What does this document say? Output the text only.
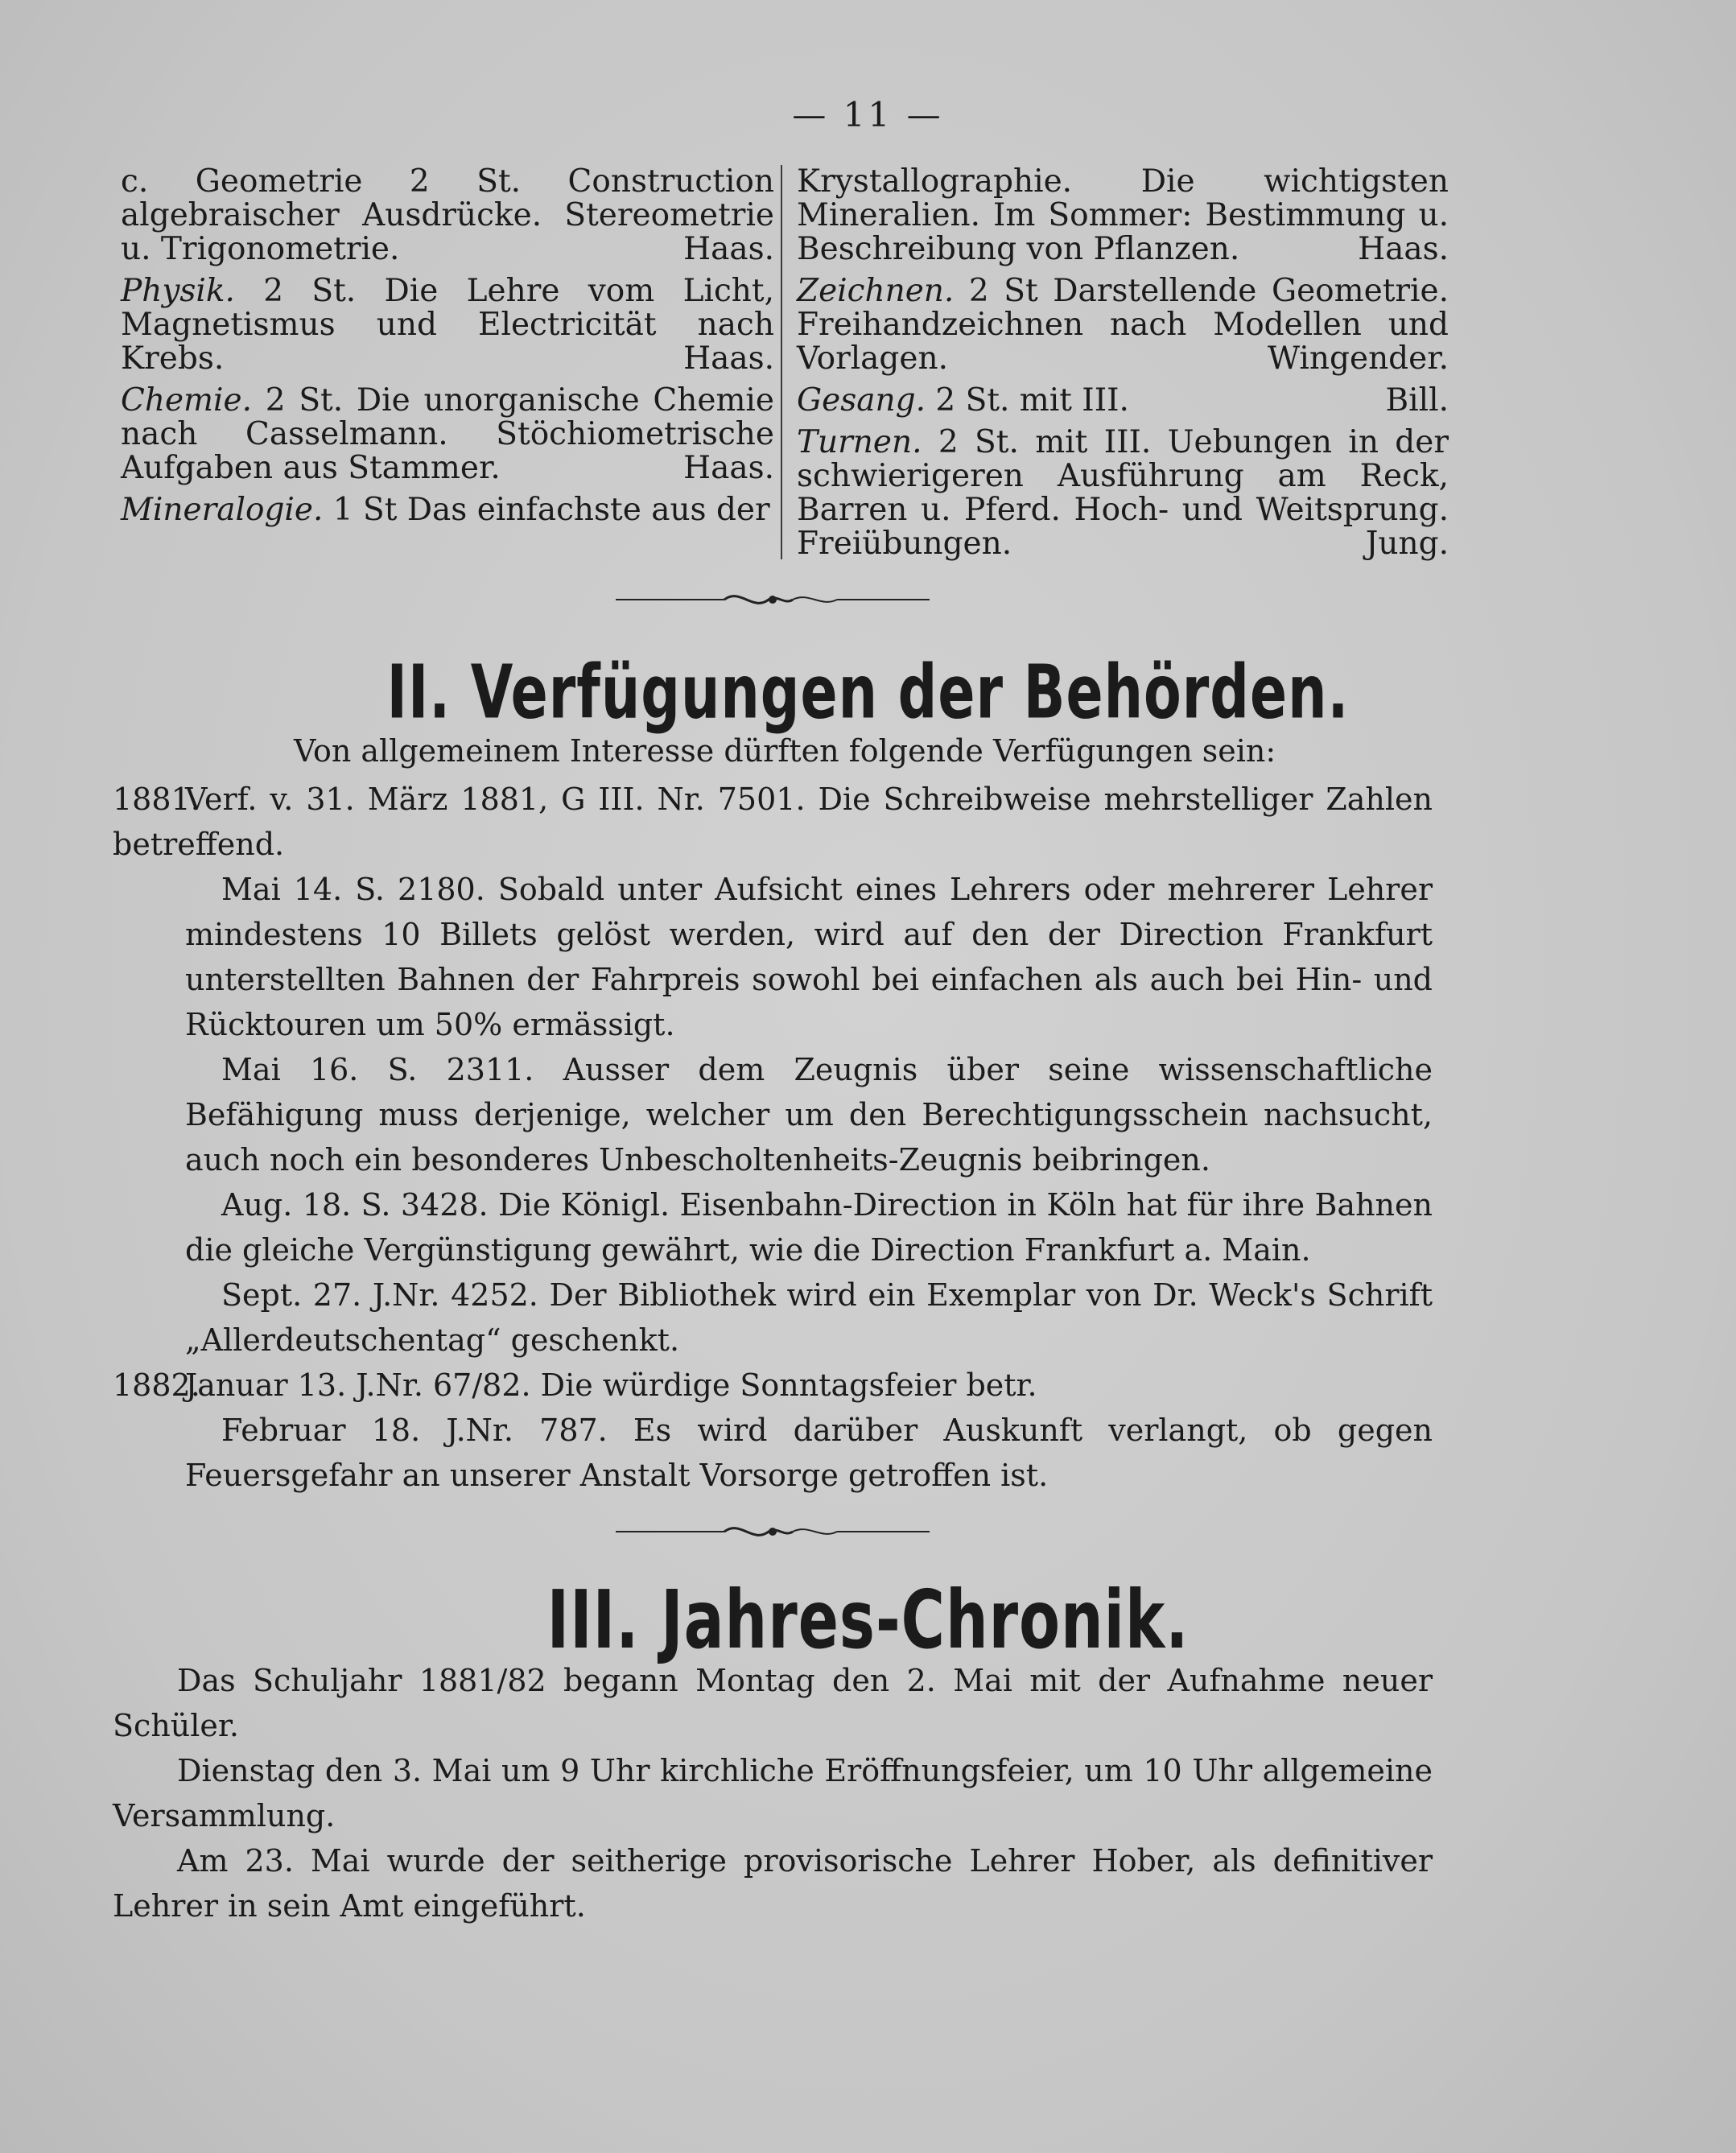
— 11 —
c. Geometrie 2 St. Construction algebraischer Ausdrücke. Stereometrie u. Trigonometrie.	Haas.
Physik. 2 St. Die Lehre vom Licht, Magnetismus und Electricität nach Krebs.	Haas.
Chemie. 2 St. Die unorganische Chemie nach Casselmann. Stöchiometrische Aufgaben aus Stammer.	Haas.
Mineralogie. 1 St Das einfachste aus der
Krystallographie. Die wichtigsten Mineralien. Im Sommer: Bestimmung u. Beschreibung von Pflanzen.	Haas.
Zeichnen. 2 St Darstellende Geometrie. Freihandzeichnen nach Modellen und Vorlagen.	Wingender.
Gesang. 2 St. mit III.	Bill.
Turnen. 2 St. mit III. Uebungen in der schwierigeren Ausführung am Reck, Barren u. Pferd. Hoch- und Weitsprung. Freiübungen.	Jung.
II. Verfügungen der Behörden.
Von allgemeinem Interesse dürften folgende Verfügungen sein:
1881.Verf. v. 31. März 1881, G III. Nr. 7501. Die Schreibweise mehrstelliger Zahlen betreffend.
Mai 14. S. 2180. Sobald unter Aufsicht eines Lehrers oder mehrerer Lehrer mindestens 10 Billets gelöst werden, wird auf den der Direction Frankfurt unterstellten Bahnen der Fahrpreis sowohl bei einfachen als auch bei Hin- und Rücktouren um 50% ermässigt.
Mai 16. S. 2311. Ausser dem Zeugnis über seine wissenschaftliche Befähigung muss derjenige, welcher um den Berechtigungsschein nachsucht, auch noch ein besonderes Unbescholtenheits-Zeugnis beibringen.
Aug. 18. S. 3428. Die Königl. Eisenbahn-Direction in Köln hat für ihre Bahnen die gleiche Vergünstigung gewährt, wie die Direction Frankfurt a. Main.
Sept. 27. J.Nr. 4252. Der Bibliothek wird ein Exemplar von Dr. Weck's Schrift „Allerdeutschentag“ geschenkt.
1882.Januar 13. J.Nr. 67/82. Die würdige Sonntagsfeier betr.
Februar 18. J.Nr. 787. Es wird darüber Auskunft verlangt, ob gegen Feuersgefahr an unserer Anstalt Vorsorge getroffen ist.
III. Jahres-Chronik.
Das Schuljahr 1881/82 begann Montag den 2. Mai mit der Aufnahme neuer Schüler.
Dienstag den 3. Mai um 9 Uhr kirchliche Eröffnungsfeier, um 10 Uhr allgemeine Versammlung.
Am 23. Mai wurde der seitherige provisorische Lehrer Hober, als definitiver Lehrer in sein Amt eingeführt.
